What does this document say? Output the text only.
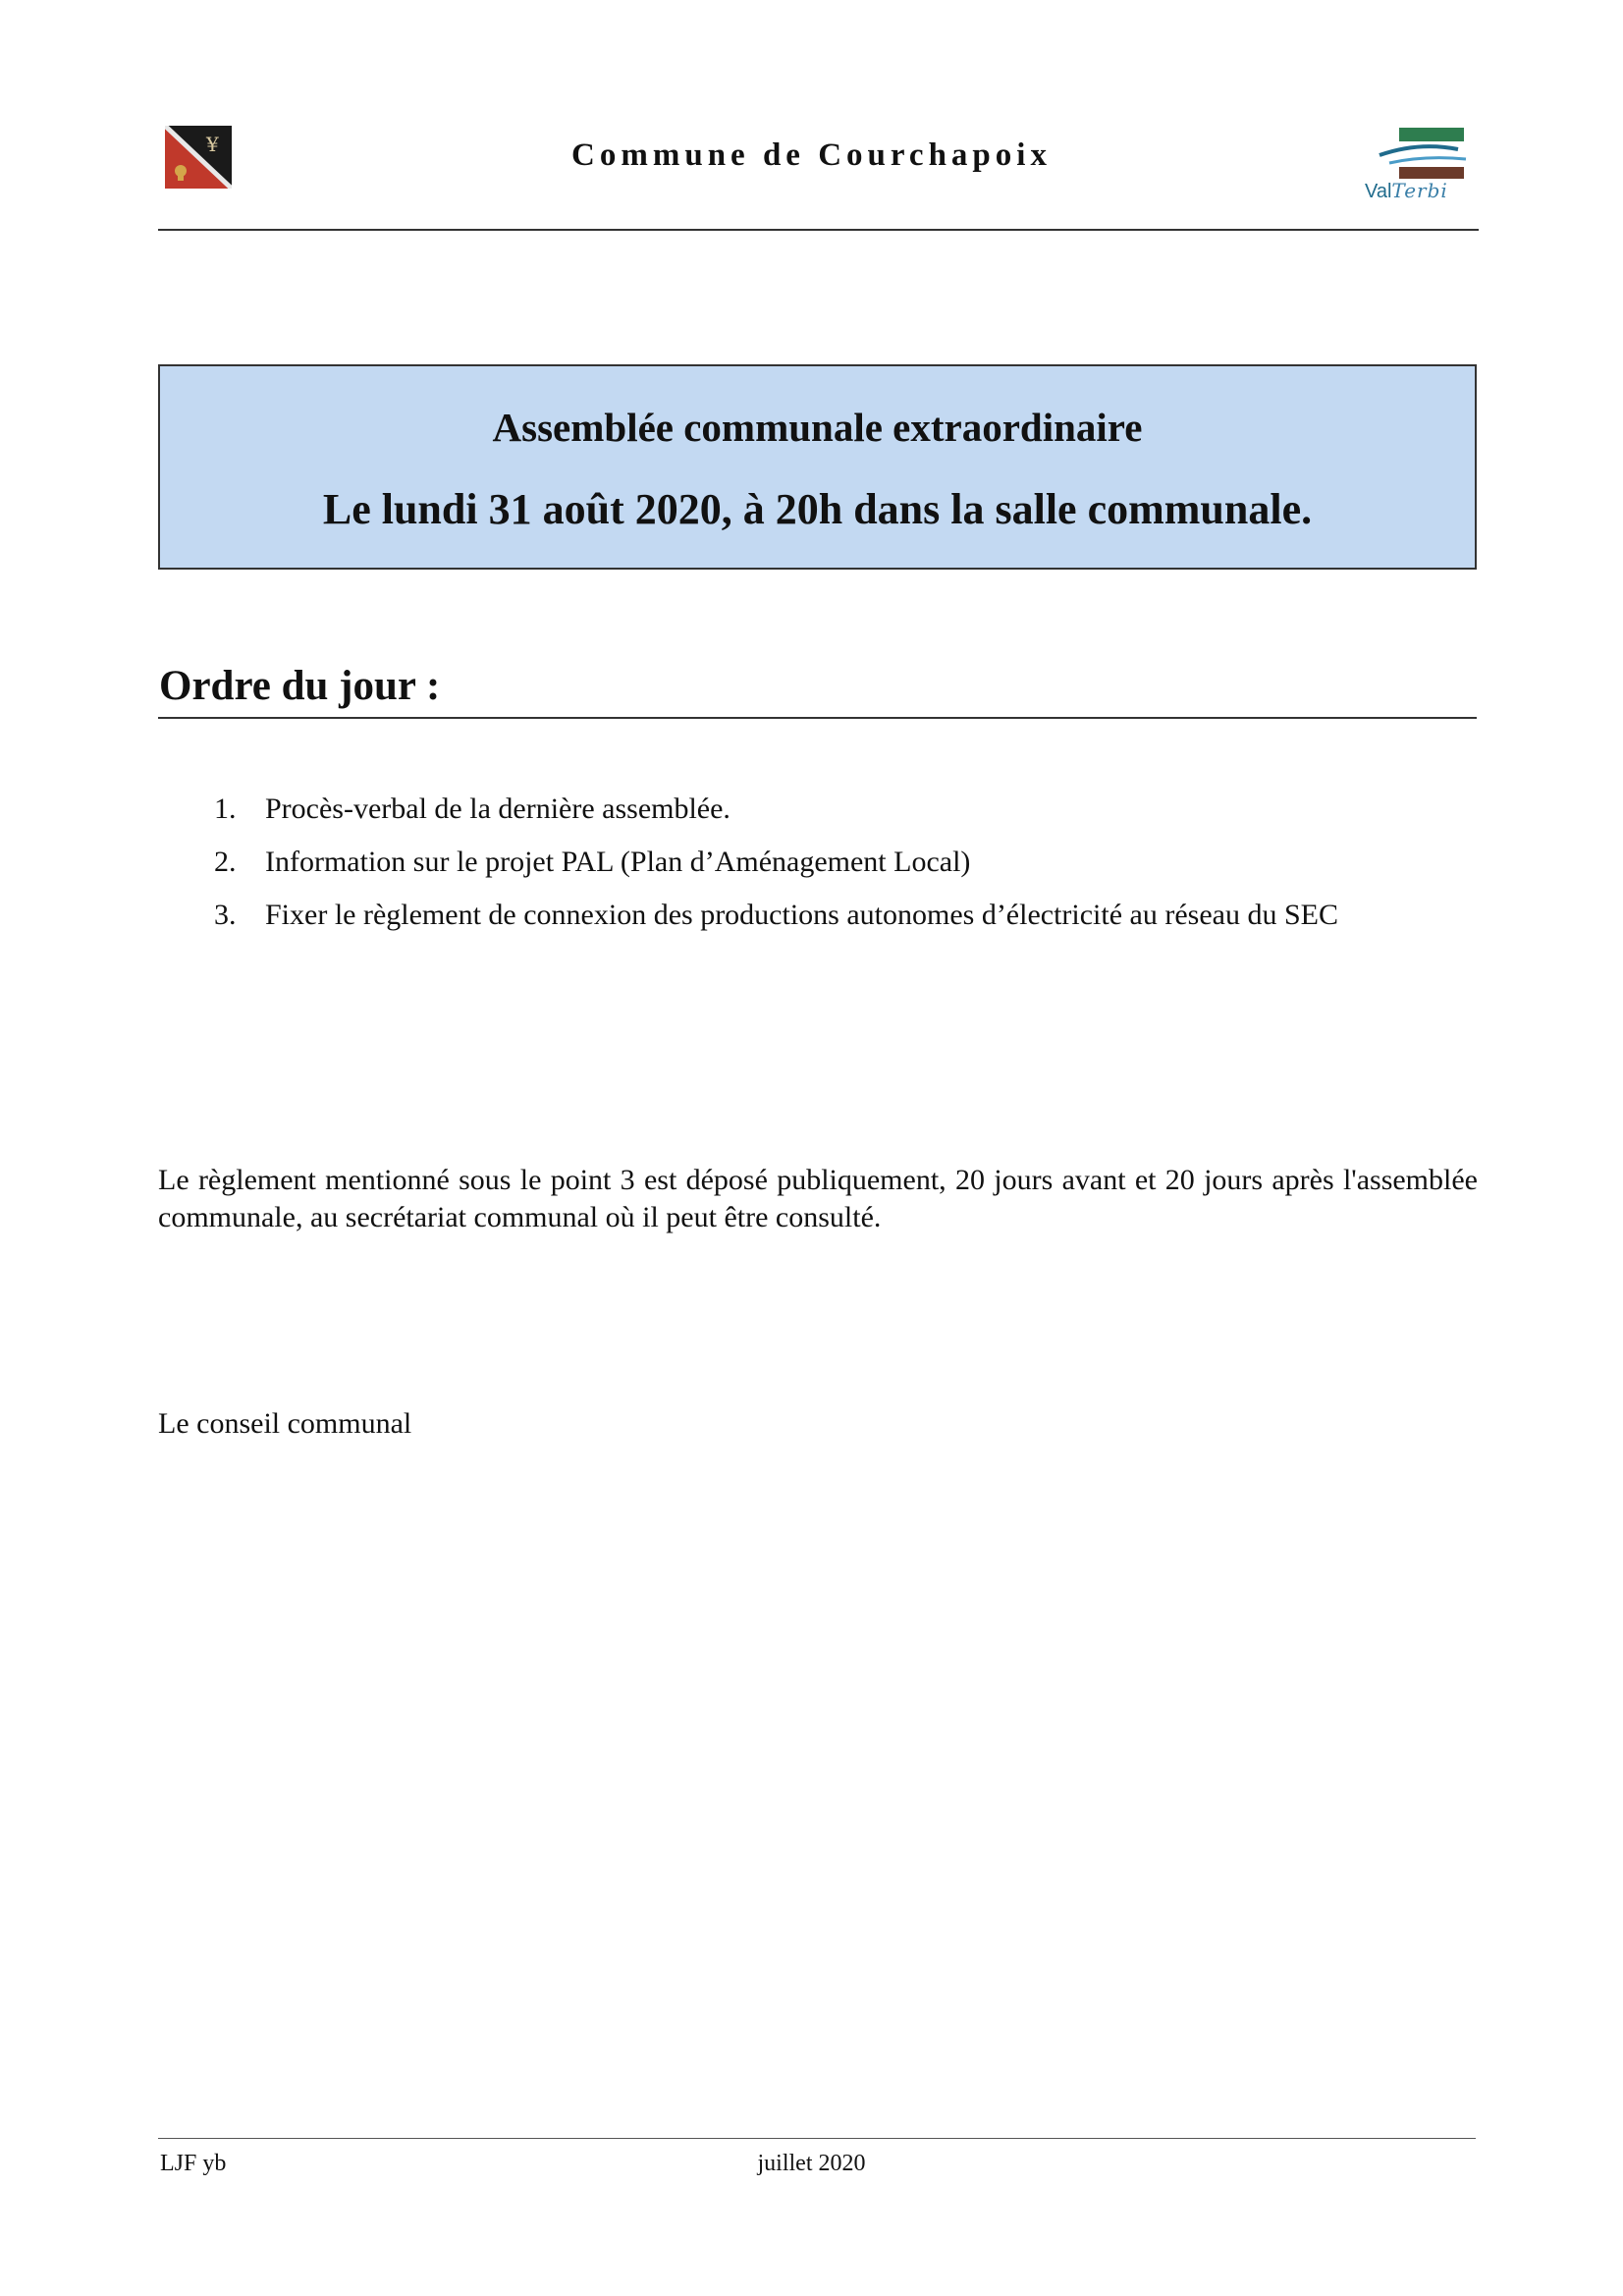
¥	Commune de Courchapoix
ValTerbi
Assemblée communale extraordinaire
Le lundi 31 août 2020, à 20h dans la salle communale.
Ordre du jour :
1. Procès-verbal de la dernière assemblée.
2. Information sur le projet PAL (Plan d’Aménagement Local)
3. Fixer le règlement de connexion des productions autonomes d’électricité au réseau du SEC
Le règlement mentionné sous le point 3 est déposé publiquement, 20 jours avant et 20 jours après l'assemblée communale, au secrétariat communal où il peut être consulté.
Le conseil communal
LJF yb	juillet 2020
